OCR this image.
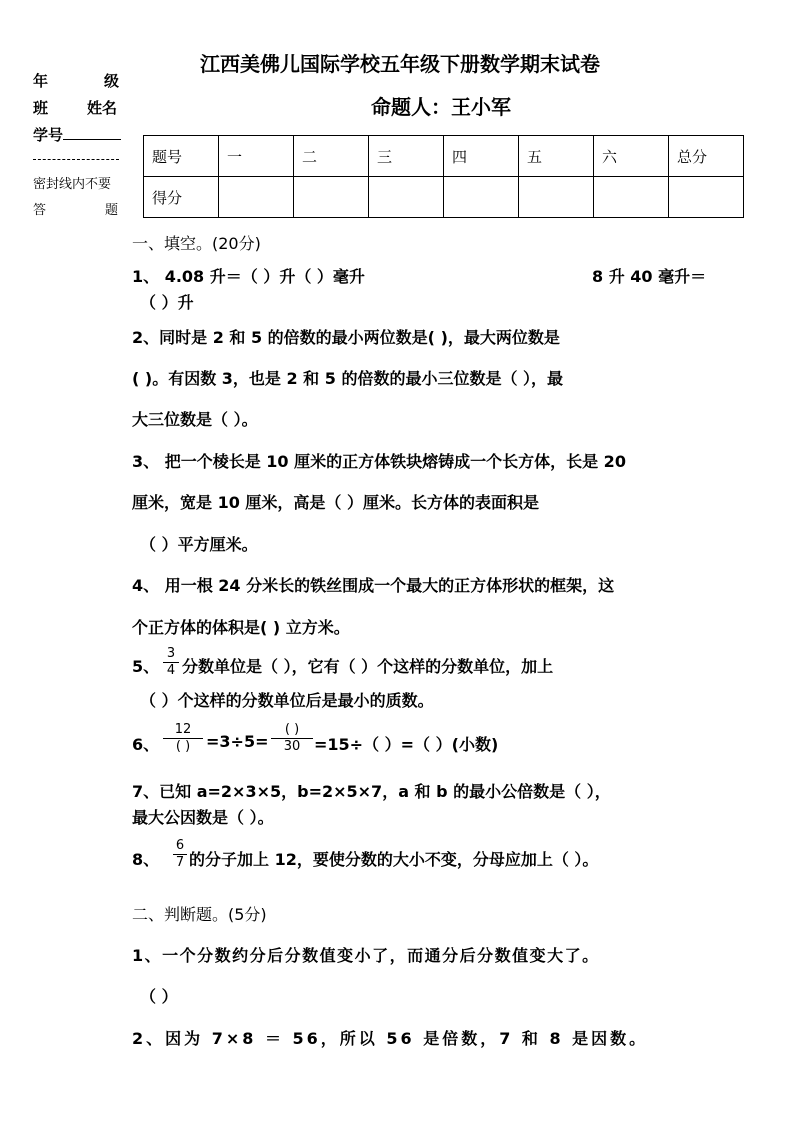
年	级
班	姓名
学号
密封线内不要
答	题
江西美佛儿国际学校五年级下册数学期末试卷
命题人：王小军
题号	一	二	三	四	五	六	总分
得分							
一、填空。(20分)
1、 4.08 升＝（ ）升（ ）毫升	8 升 40 毫升＝
（ ）升
2、同时是 2 和 5 的倍数的最小两位数是( )，最大两位数是
( )。有因数 3，也是 2 和 5 的倍数的最小三位数是（ ），最
大三位数是（ ）。
3、 把一个棱长是 10 厘米的正方体铁块熔铸成一个长方体，长是 20
厘米，宽是 10 厘米，高是（ ）厘米。长方体的表面积是
（ ）平方厘米。
4、 用一根 24 分米长的铁丝围成一个最大的正方体形状的框架，这
个正方体的体积是( ) 立方米。
5、
3
4 分数单位是（ ），它有（ ）个这样的分数单位，加上
（ ）个这样的分数单位后是最小的质数。
6、
12
( ) =3÷5=
( )
30 =15÷（ ）=（ ）(小数)
7、已知 a=2×3×5，b=2×5×7，a 和 b 的最小公倍数是（ ），
最大公因数是（ ）。
8、
6
7 的分子加上 12，要使分数的大小不变，分母应加上（ ）。
二、判断题。(5分)
1、一个分数约分后分数值变小了，而通分后分数值变大了。
（ ）
2、因为 7×8 ＝ 56，所以 56 是倍数，7 和 8 是因数。
